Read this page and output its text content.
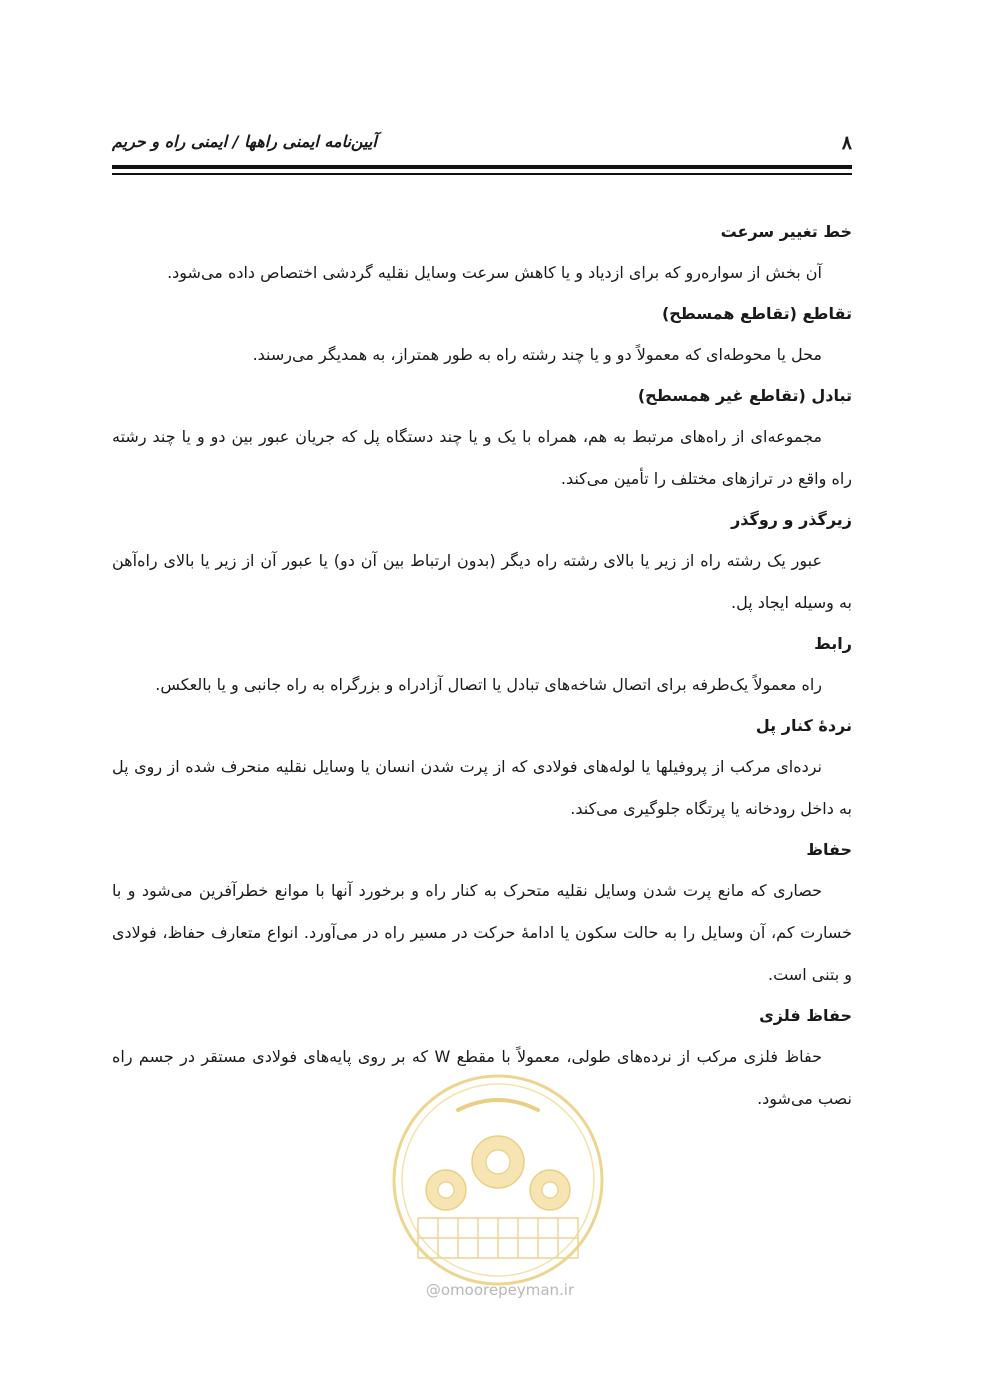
۸
آیین‌نامه ایمنی راهها / ایمنی راه و حریم
خط تغییر سرعت

آن بخش از سواره‌رو که برای ازدیاد و یا کاهش سرعت وسایل نقلیه گردشی اختصاص داده می‌شود.

تقاطع (تقاطع همسطح)

محل یا محوطه‌ای که معمولاً دو و یا چند رشته راه به طور همتراز، به همدیگر می‌رسند.

تبادل (تقاطع غیر همسطح)

مجموعه‌ای از راه‌های مرتبط به هم، همراه با یک و یا چند دستگاه پل که جریان عبور بین دو و یا چند رشته راه واقع در ترازهای مختلف را تأمین می‌کند.

زیرگذر و روگذر

عبور یک رشته راه از زیر یا بالای رشته راه دیگر (بدون ارتباط بین آن دو) یا عبور آن از زیر یا بالای راه‌آهن به وسیله ایجاد پل.

رابط

راه معمولاً یک‌طرفه برای اتصال شاخه‌های تبادل یا اتصال آزادراه و بزرگراه به راه جانبی و یا بالعکس.

نردهٔ کنار پل

نرده‌ای مرکب از پروفیلها یا لوله‌های فولادی که از پرت شدن انسان یا وسایل نقلیه منحرف شده از روی پل به داخل رودخانه یا پرتگاه جلوگیری می‌کند.

حفاظ

حصاری که مانع پرت شدن وسایل نقلیه متحرک به کنار راه و برخورد آنها با موانع خطرآفرین می‌شود و با خسارت کم، آن وسایل را به حالت سکون یا ادامهٔ حرکت در مسیر راه در می‌آورد. انواع متعارف حفاظ، فولادی و بتنی است.

حفاظ فلزی

حفاظ فلزی مرکب از نرده‌های طولی، معمولاً با مقطع W که بر روی پایه‌های فولادی مستقر در جسم راه نصب می‌شود.

@omoorepeyman.ir
